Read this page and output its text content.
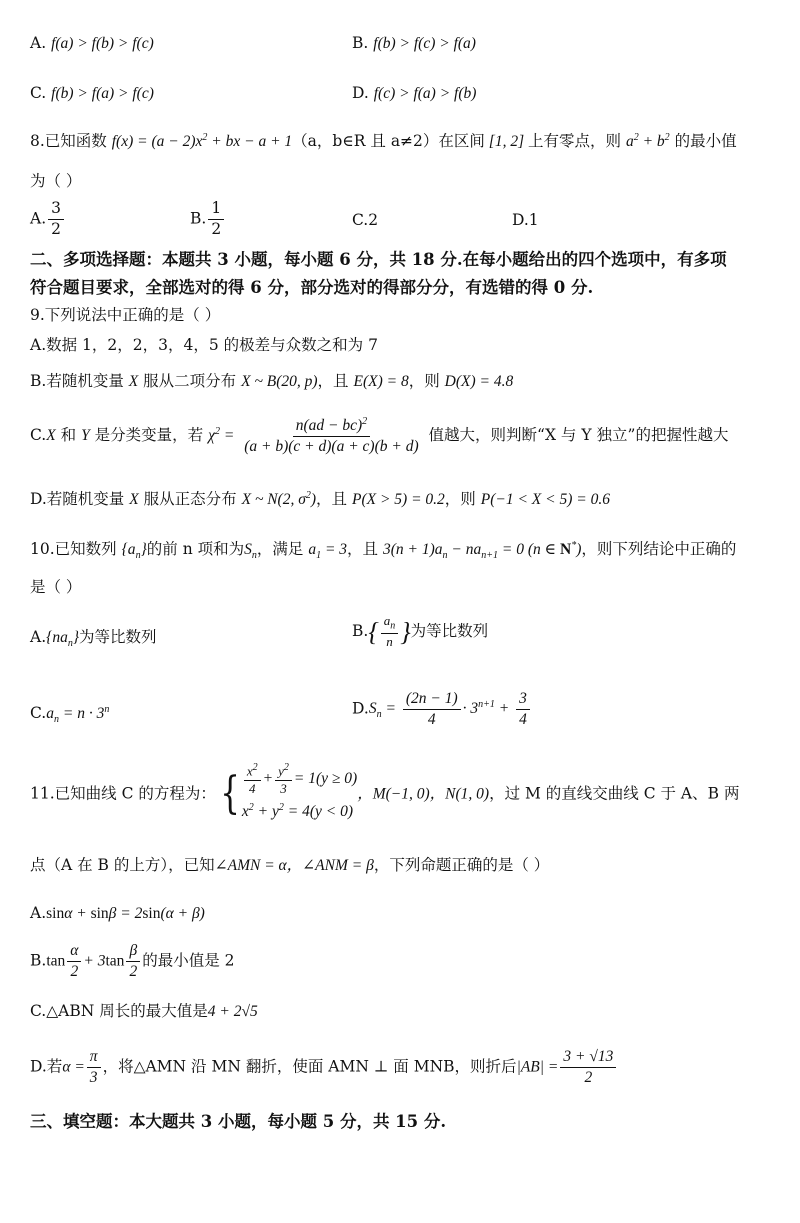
A. f(a) > f(b) > f(c)	B. f(b) > f(c) > f(a)
C. f(b) > f(a) > f(c)	D. f(c) > f(a) > f(b)
8.已知函数 $f(x) = (a - 2)x^2$ + bx − a + 1（a，b∈R 且 a≠2）在区间 [1, 2] 上有零点，则 $a^2 + b^2$ 的最小值
为（ ）
A. $\frac{3}{2}$	B. $\frac{1}{2}$	C.2	D.1
二、多项选择题：本题共 3 小题，每小题 6 分，共 18 分.在每小题给出的四个选项中，有多项
符合题目要求，全部选对的得 6 分，部分选对的得部分分，有选错的得 0 分.
9.下列说法中正确的是（ ）
A.数据 1，2，2，3，4，5 的极差与众数之和为 7
B.若随机变量 X 服从二项分布 X ~ B(20, p)，且 E(X) = 8，则 D(X) = 4.8
C.X 和 Y 是分类变量，若 $\chi^2 = \frac{n(ad - bc)^2}{(a + b)(c + d)(a + c)(b + d)}$ 值越大，则判断“X 与 Y 独立”的把握性越大
D.若随机变量 X 服从正态分布 X ~ N(2, $\sigma^2$)，且 P(X > 5) = 0.2，则 P(−1 < X < 5) = 0.6
10.已知数列 $\{a_n\}$的前 n 项和为$S_n$，满足 $a_1 = 3$，且 $3(n + 1)a_n - na_{n+1} = 0$ (n ∈ N*)，则下列结论中正确的
是（ ）
$A.\{na_n\}$为等比数列	$B.\{ \frac{a_n}{n}$ }为等比数列
$C.a_n = n \cdot 3^n$	$D.S_n = \frac{(2n - 1)}{4} \cdot 3^{n+1} + \frac{3}{4}$
11.已知曲线 C 的方程为：{ $\frac{x^2}{4} + \frac{y^2}{3} = 1(y \ge 0)$
$x^2 + y^2 = 4(y < 0)$
，M(−1, 0)，N(1, 0)，过 M 的直线交曲线 C 于 A、B 两
点（A 在 B 的上方），已知∠AMN = α，∠ANM = β，下列命题正确的是（ ）
A.sinα + sinβ = 2sin(α + β)
$B.\tan \frac{\alpha}{2} + 3\tan \frac{\beta}{2}$ 的最小值是 2
C.△ABN 周长的最大值是4 + 2√5
D.若$\alpha = \frac{\pi}{3}$ ，将△AMN 沿 MN 翻折，使面 AMN ⊥ 面 MNB，则折后$|AB| = \frac{3 + √13}{2}$
三、填空题：本大题共 3 小题，每小题 5 分，共 15 分.
